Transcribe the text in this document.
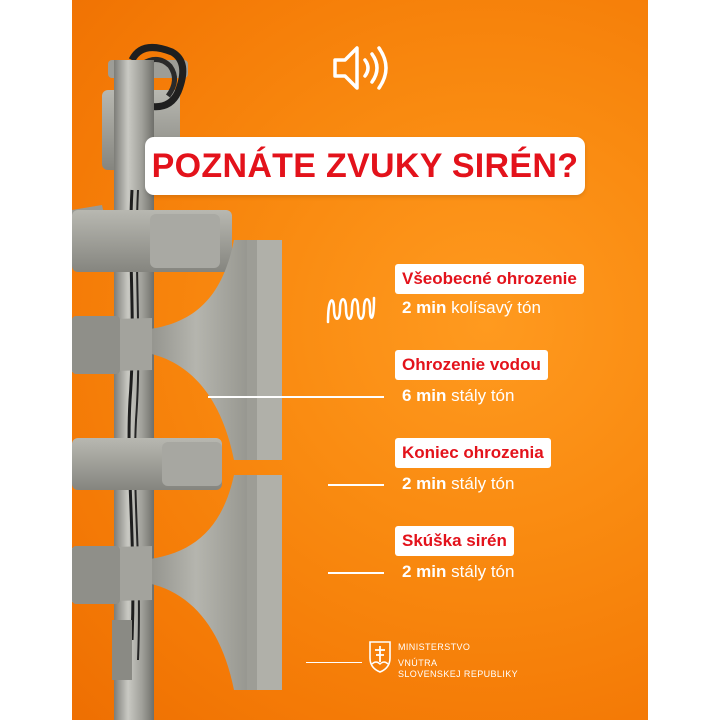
POZNÁTE ZVUKY SIRÉN?
Všeobecné ohrozenie
2 min kolísavý tón
Ohrozenie vodou
6 min stály tón
Koniec ohrozenia
2 min stály tón
Skúška sirén
2 min stály tón
MINISTERSTVO
VNÚTRA
SLOVENSKEJ REPUBLIKY
